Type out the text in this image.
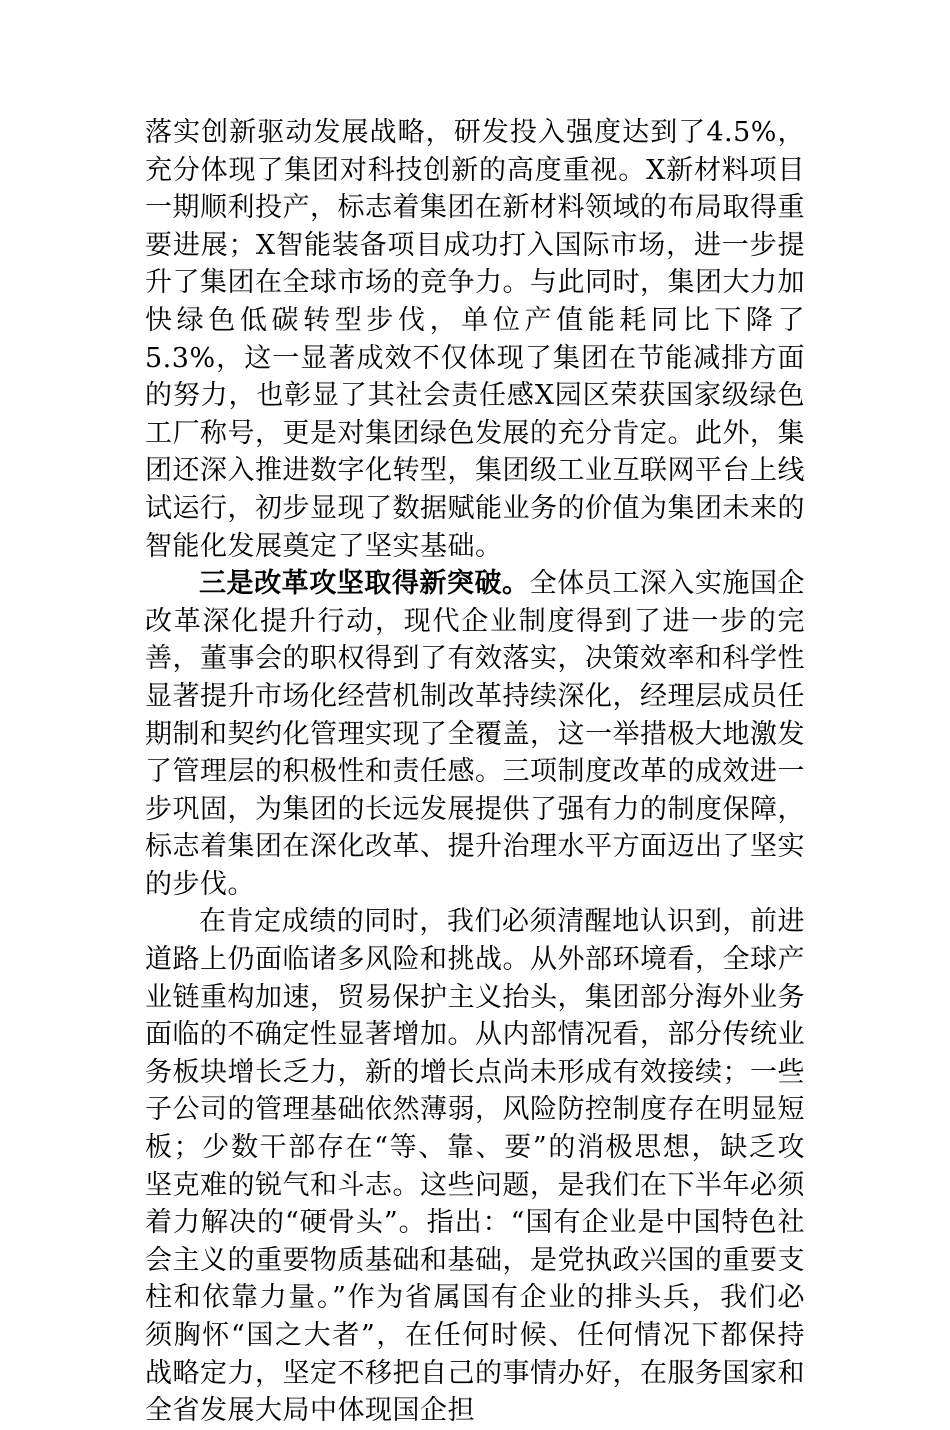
落实创新驱动发展战略，研发投入强度达到了4.5%，充分体现了集团对科技创新的高度重视。X新材料项目一期顺利投产，标志着集团在新材料领域的布局取得重要进展；X智能装备项目成功打入国际市场，进一步提升了集团在全球市场的竞争力。与此同时，集团大力加快绿色低碳转型步伐，单位产值能耗同比下降了5.3%，这一显著成效不仅体现了集团在节能减排方面的努力，也彰显了其社会责任感X园区荣获国家级绿色工厂称号，更是对集团绿色发展的充分肯定。此外，集团还深入推进数字化转型，集团级工业互联网平台上线试运行，初步显现了数据赋能业务的价值为集团未来的智能化发展奠定了坚实基础。

三是改革攻坚取得新突破。全体员工深入实施国企改革深化提升行动，现代企业制度得到了进一步的完善，董事会的职权得到了有效落实，决策效率和科学性显著提升市场化经营机制改革持续深化，经理层成员任期制和契约化管理实现了全覆盖，这一举措极大地激发了管理层的积极性和责任感。三项制度改革的成效进一步巩固，为集团的长远发展提供了强有力的制度保障，标志着集团在深化改革、提升治理水平方面迈出了坚实的步伐。

在肯定成绩的同时，我们必须清醒地认识到，前进道路上仍面临诸多风险和挑战。从外部环境看，全球产业链重构加速，贸易保护主义抬头，集团部分海外业务面临的不确定性显著增加。从内部情况看，部分传统业务板块增长乏力，新的增长点尚未形成有效接续；一些子公司的管理基础依然薄弱，风险防控制度存在明显短板；少数干部存在“等、靠、要”的消极思想，缺乏攻坚克难的锐气和斗志。这些问题，是我们在下半年必须着力解决的“硬骨头”。指出：“国有企业是中国特色社会主义的重要物质基础和基础，是党执政兴国的重要支柱和依靠力量。”作为省属国有企业的排头兵，我们必须胸怀“国之大者”，在任何时候、任何情况下都保持战略定力，坚定不移把自己的事情办好，在服务国家和全省发展大局中体现国企担
